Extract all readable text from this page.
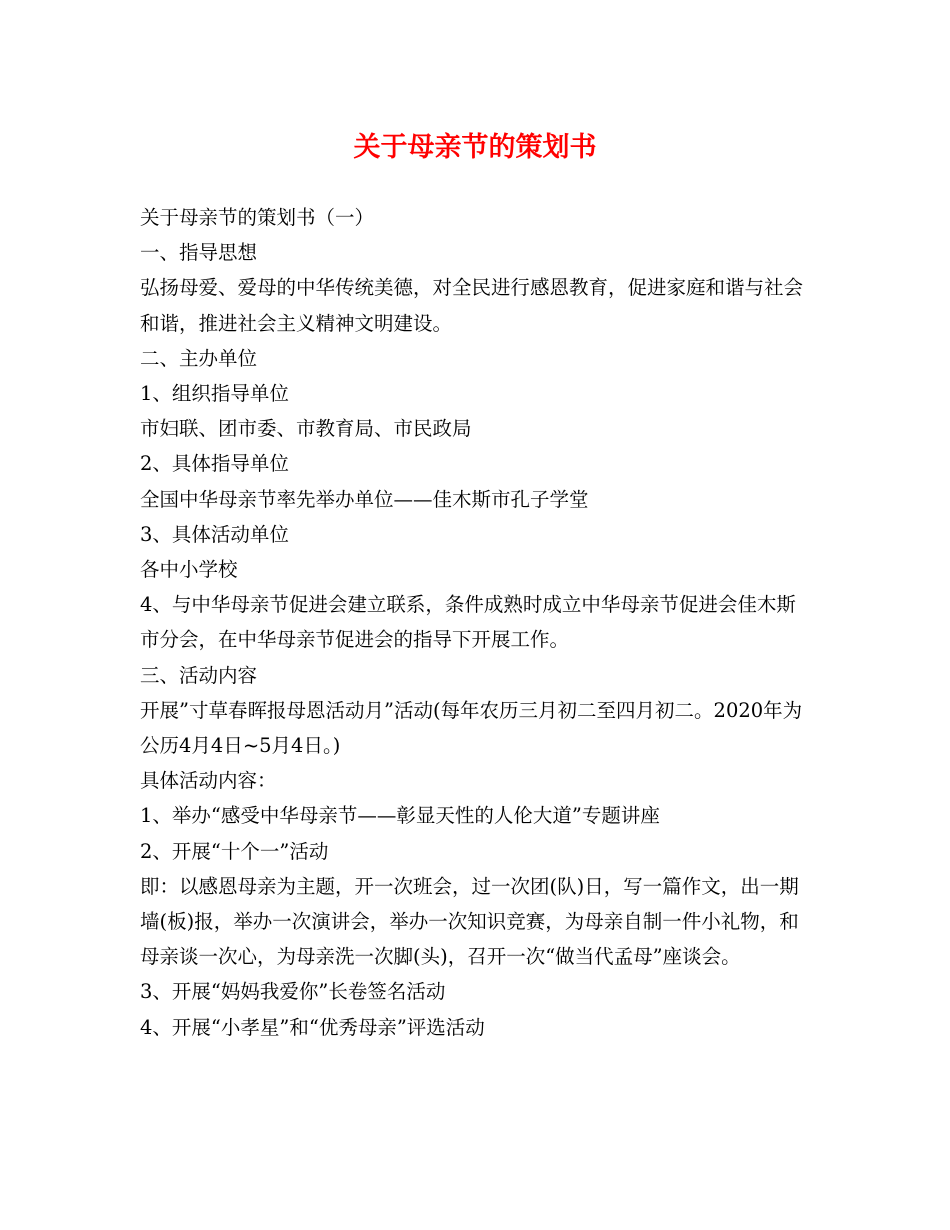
关于母亲节的策划书

关于母亲节的策划书（一）

一、指导思想

弘扬母爱、爱母的中华传统美德，对全民进行感恩教育，促进家庭和谐与社会和谐，推进社会主义精神文明建设。

二、主办单位

1、组织指导单位

市妇联、团市委、市教育局、市民政局

2、具体指导单位

全国中华母亲节率先举办单位——佳木斯市孔子学堂

3、具体活动单位

各中小学校

4、与中华母亲节促进会建立联系，条件成熟时成立中华母亲节促进会佳木斯市分会，在中华母亲节促进会的指导下开展工作。

三、活动内容

开展”寸草春晖报母恩活动月”活动(每年农历三月初二至四月初二。2020年为公历4月4日~5月4日。)

具体活动内容：

1、举办“感受中华母亲节——彰显天性的人伦大道”专题讲座

2、开展“十个一”活动

即：以感恩母亲为主题，开一次班会，过一次团(队)日，写一篇作文，出一期墙(板)报，举办一次演讲会，举办一次知识竞赛，为母亲自制一件小礼物，和母亲谈一次心，为母亲洗一次脚(头)，召开一次“做当代孟母”座谈会。

3、开展“妈妈我爱你”长卷签名活动

4、开展“小孝星”和“优秀母亲”评选活动
